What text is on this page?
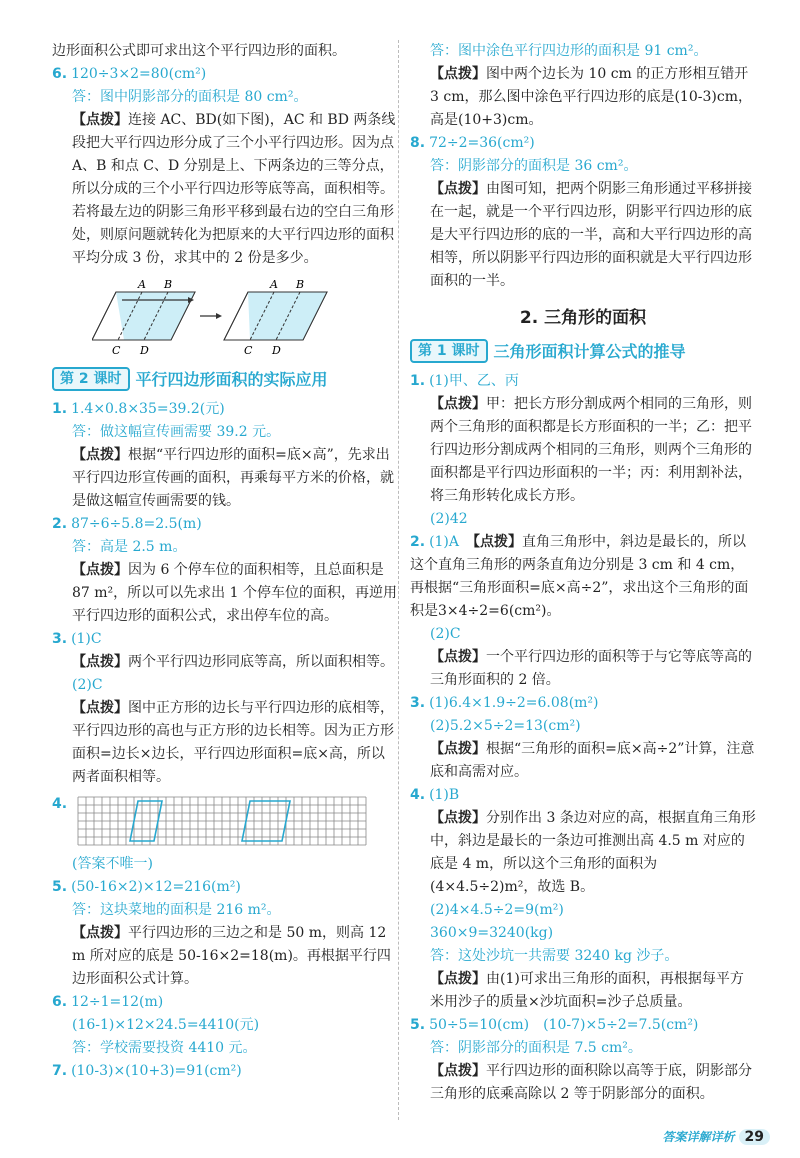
边形面积公式即可求出这个平行四边形的面积。

6. 120÷3×2=80(cm²)

答：图中阴影部分的面积是 80 cm²。

【点拨】连接 AC、BD(如下图)，AC 和 BD 两条线段把大平行四边形分成了三个小平行四边形。因为点 A、B 和点 C、D 分别是上、下两条边的三等分点，所以分成的三个小平行四边形等底等高，面积相等。若将最左边的阴影三角形平移到最右边的空白三角形处，则原问题就转化为把原来的大平行四边形的面积平均分成 3 份，求其中的 2 份是多少。

A B
C D
A B
C D
第 2 课时 平行四边形面积的实际应用

1. 1.4×0.8×35=39.2(元)

答：做这幅宣传画需要 39.2 元。

【点拨】根据“平行四边形的面积=底×高”，先求出平行四边形宣传画的面积，再乘每平方米的价格，就是做这幅宣传画需要的钱。

2. 87÷6÷5.8=2.5(m)

答：高是 2.5 m。

【点拨】因为 6 个停车位的面积相等，且总面积是 87 m²，所以可以先求出 1 个停车位的面积，再逆用平行四边形的面积公式，求出停车位的高。

3. (1)C

【点拨】两个平行四边形同底等高，所以面积相等。

(2)C

【点拨】图中正方形的边长与平行四边形的底相等，平行四边形的高也与正方形的边长相等。因为正方形面积=边长×边长，平行四边形面积=底×高，所以两者面积相等。

4.

(答案不唯一)

5. (50-16×2)×12=216(m²)

答：这块菜地的面积是 216 m²。

【点拨】平行四边形的三边之和是 50 m，则高 12 m 所对应的底是 50-16×2=18(m)。再根据平行四边形面积公式计算。

6. 12÷1=12(m)

(16-1)×12×24.5=4410(元)

答：学校需要投资 4410 元。

7. (10-3)×(10+3)=91(cm²)

答：图中涂色平行四边形的面积是 91 cm²。

【点拨】图中两个边长为 10 cm 的正方形相互错开 3 cm，那么图中涂色平行四边形的底是(10-3)cm，高是(10+3)cm。

8. 72÷2=36(cm²)

答：阴影部分的面积是 36 cm²。

【点拨】由图可知，把两个阴影三角形通过平移拼接在一起，就是一个平行四边形，阴影平行四边形的底是大平行四边形的底的一半，高和大平行四边形的高相等，所以阴影平行四边形的面积就是大平行四边形面积的一半。

2. 三角形的面积
第 1 课时 三角形面积计算公式的推导

1. (1)甲、乙、丙

【点拨】甲：把长方形分割成两个相同的三角形，则两个三角形的面积都是长方形面积的一半；乙：把平行四边形分割成两个相同的三角形，则两个三角形的面积都是平行四边形面积的一半；丙：利用割补法，将三角形转化成长方形。

(2)42

2. (1)A　 【点拨】直角三角形中，斜边是最长的，所以这个直角三角形的两条直角边分别是 3 cm 和 4 cm，再根据“三角形面积=底×高÷2”，求出这个三角形的面积是3×4÷2=6(cm²)。

(2)C

【点拨】一个平行四边形的面积等于与它等底等高的三角形面积的 2 倍。

3. (1)6.4×1.9÷2=6.08(m²)

(2)5.2×5÷2=13(cm²)

【点拨】根据“三角形的面积=底×高÷2”计算，注意底和高需对应。

4. (1)B

【点拨】分别作出 3 条边对应的高，根据直角三角形中，斜边是最长的一条边可推测出高 4.5 m 对应的底是 4 m，所以这个三角形的面积为(4×4.5÷2)m²，故选 B。

(2)4×4.5÷2=9(m²)

360×9=3240(kg)

答：这处沙坑一共需要 3240 kg 沙子。

【点拨】由(1)可求出三角形的面积，再根据每平方米用沙子的质量×沙坑面积=沙子总质量。

5. 50÷5=10(cm)　(10-7)×5÷2=7.5(cm²)

答：阴影部分的面积是 7.5 cm²。

【点拨】平行四边形的面积除以高等于底，阴影部分三角形的底乘高除以 2 等于阴影部分的面积。

答案详解详析 29
